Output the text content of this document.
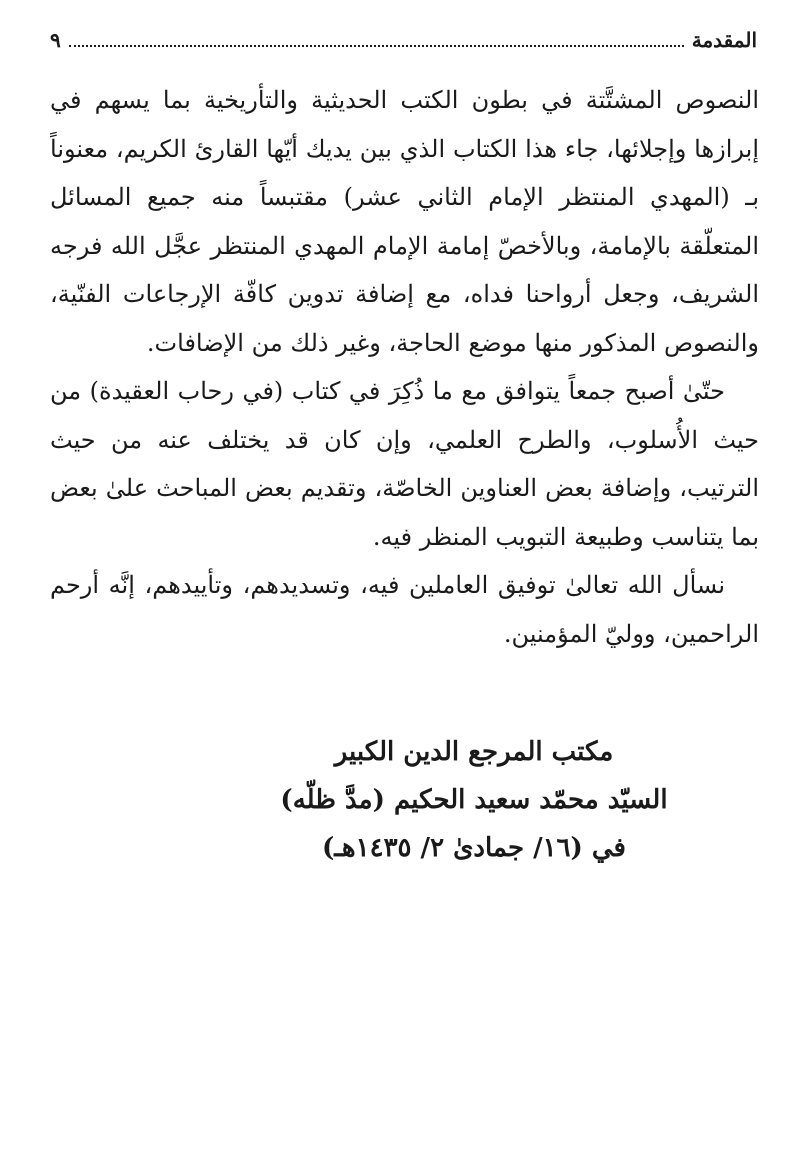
المقدمة
٩

النصوص المشتَّتة في بطون الكتب الحديثية والتأريخية بما يسهم في إبرازها وإجلائها، جاء هذا الكتاب الذي بين يديك أيّها القارئ الكريم، معنوناً بـ (المهدي المنتظر الإمام الثاني عشر) مقتبساً منه جميع المسائل المتعلّقة بالإمامة، وبالأخصّ إمامة الإمام المهدي المنتظر عجَّل الله فرجه الشريف، وجعل أرواحنا فداه، مع إضافة تدوين كافّة الإرجاعات الفنّية، والنصوص المذكور منها موضع الحاجة، وغير ذلك من الإضافات.

حتّىٰ أصبح جمعاً يتوافق مع ما ذُكِرَ في كتاب (في رحاب العقيدة) من حيث الأُسلوب، والطرح العلمي، وإن كان قد يختلف عنه من حيث الترتيب، وإضافة بعض العناوين الخاصّة، وتقديم بعض المباحث علىٰ بعض بما يتناسب وطبيعة التبويب المنظر فيه.

نسأل الله تعالىٰ توفيق العاملين فيه، وتسديدهم، وتأييدهم، إنَّه أرحم الراحمين، ووليّ المؤمنين.

مكتب المرجع الدين الكبير
السيّد محمّد سعيد الحكيم (مدَّ ظلّه)
في (١٦/ جمادىٰ ٢/ ١٤٣٥هـ)
